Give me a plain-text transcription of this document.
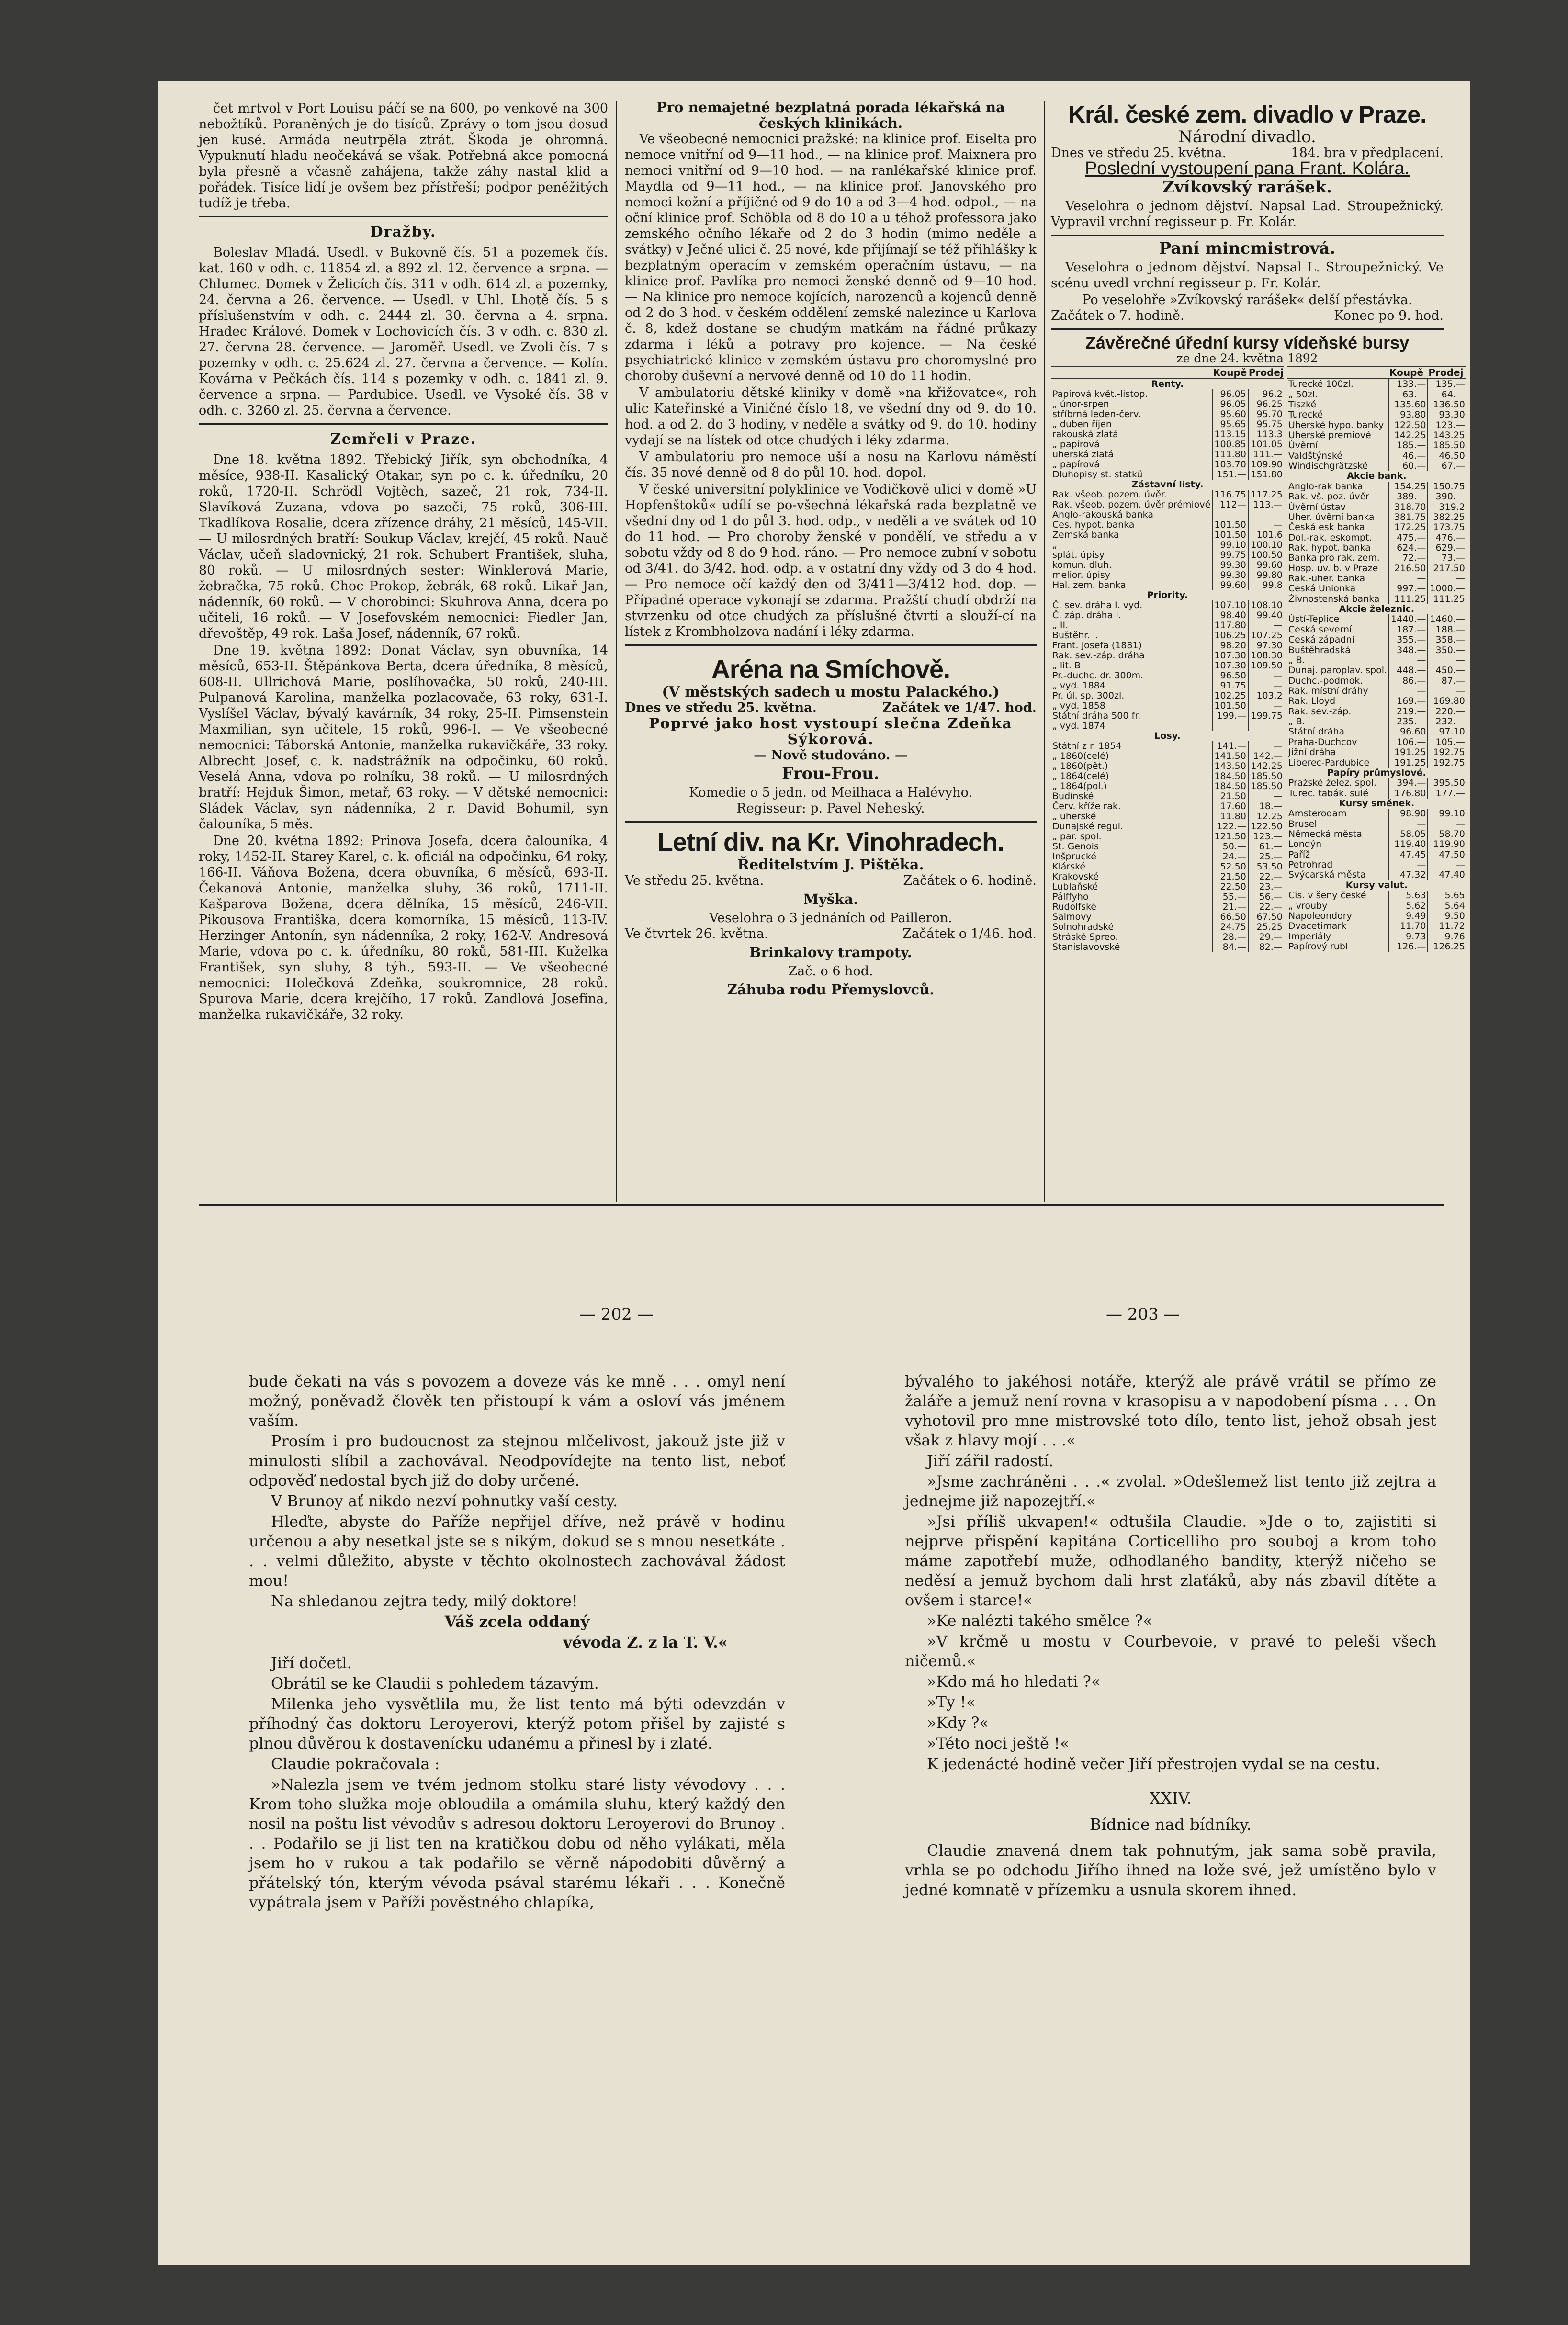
čet mrtvol v Port Louisu páčí se na 600, po venkově na 300 nebožtíků. Poraněných je do tisíců. Zprávy o tom jsou dosud jen kusé. Armáda neutrpěla ztrát. Škoda je ohromná. Vypuknutí hladu neočekává se však. Potřebná akce pomocná byla přesně a včasně zahájena, takže záhy nastal klid a pořádek. Tisíce lidí je ovšem bez přístřeší; podpor peněžitých tudíž je třeba.

Dražby.

Boleslav Mladá. Usedl. v Bukovně čís. 51 a pozemek čís. kat. 160 v odh. c. 11854 zl. a 892 zl. 12. července a srpna. — Chlumec. Domek v Želicích čís. 311 v odh. 614 zl. a pozemky, 24. června a 26. července. — Usedl. v Uhl. Lhotě čís. 5 s příslušenstvím v odh. c. 2444 zl. 30. června a 4. srpna. Hradec Králové. Domek v Lochovicích čís. 3 v odh. c. 830 zl. 27. června 28. července. — Jaroměř. Usedl. ve Zvoli čís. 7 s pozemky v odh. c. 25.624 zl. 27. června a července. — Kolín. Kovárna v Pečkách čís. 114 s pozemky v odh. c. 1841 zl. 9. července a srpna. — Pardubice. Usedl. ve Vysoké čís. 38 v odh. c. 3260 zl. 25. června a července.

Zemřeli v Praze.

Dne 18. května 1892. Třebický Jiřík, syn obchodníka, 4 měsíce, 938-II. Kasalický Otakar, syn po c. k. úředníku, 20 roků, 1720-II. Schrödl Vojtěch, sazeč, 21 rok, 734-II. Slavíková Zuzana, vdova po sazeči, 75 roků, 306-III. Tkadlíkova Rosalie, dcera zřízence dráhy, 21 měsíců, 145-VII. — U milosrdných bratří: Soukup Václav, krejčí, 45 roků. Nauč Václav, učeň sladovnický, 21 rok. Schubert František, sluha, 80 roků. — U milosrdných sester: Winklerová Marie, žebračka, 75 roků. Choc Prokop, žebrák, 68 roků. Likař Jan, nádenník, 60 roků. — V chorobinci: Skuhrova Anna, dcera po učiteli, 16 roků. — V Josefovském nemocnici: Fiedler Jan, dřevoštěp, 49 rok. Laša Josef, nádenník, 67 roků.

Dne 19. května 1892: Donat Václav, syn obuvníka, 14 měsíců, 653-II. Štěpánkova Berta, dcera úředníka, 8 měsíců, 608-II. Ullrichová Marie, poslíhovačka, 50 roků, 240-III. Pulpanová Karolina, manželka pozlacovače, 63 roky, 631-I. Vyslíšel Václav, bývalý kavárník, 34 roky, 25-II. Pimsenstein Maxmilian, syn učitele, 15 roků, 996-I. — Ve všeobecné nemocnici: Táborská Antonie, manželka rukavičkáře, 33 roky. Albrecht Josef, c. k. nadstrážník na odpočinku, 60 roků. Veselá Anna, vdova po rolníku, 38 roků. — U milosrdných bratří: Hejduk Šimon, metař, 63 roky. — V dětské nemocnici: Sládek Václav, syn nádenníka, 2 r. David Bohumil, syn čalouníka, 5 měs.

Dne 20. května 1892: Prinova Josefa, dcera čalouníka, 4 roky, 1452-II. Starey Karel, c. k. oficiál na odpočinku, 64 roky, 166-II. Váňova Božena, dcera obuvníka, 6 měsíců, 693-II. Čekanová Antonie, manželka sluhy, 36 roků, 1711-II. Kašparova Božena, dcera dělníka, 15 měsíců, 246-VII. Pikousova Františka, dcera komorníka, 15 měsíců, 113-IV. Herzinger Antonín, syn nádenníka, 2 roky, 162-V. Andresová Marie, vdova po c. k. úředníku, 80 roků, 581-III. Kuželka František, syn sluhy, 8 týh., 593-II. — Ve všeobecné nemocnici: Holečková Zdeňka, soukromnice, 28 roků. Spurova Marie, dcera krejčího, 17 roků. Zandlová Josefína, manželka rukavičkáře, 32 roky.

Pro nemajetné bezplatná porada lékařská na českých klinikách.

Ve všeobecné nemocnici pražské: na klinice prof. Eiselta pro nemoce vnitřní od 9—11 hod., — na klinice prof. Maixnera pro nemoci vnitřní od 9—10 hod. — na ranlékařské klinice prof. Maydla od 9—11 hod., — na klinice prof. Janovského pro nemoci kožní a příjičné od 9 do 10 a od 3—4 hod. odpol., — na oční klinice prof. Schöbla od 8 do 10 a u téhož professora jako zemského očního lékaře od 2 do 3 hodin (mimo neděle a svátky) v Ječné ulici č. 25 nové, kde přijímají se též přihlášky k bezplatným operacím v zemském operačním ústavu, — na klinice prof. Pavlíka pro nemoci ženské denně od 9—10 hod. — Na klinice pro nemoce kojících, narozenců a kojenců denně od 2 do 3 hod. v českém oddělení zemské nalezince u Karlova č. 8, kdež dostane se chudým matkám na řádné průkazy zdarma i léků a potravy pro kojence. — Na české psychiatrické klinice v zemském ústavu pro choromyslné pro choroby duševní a nervové denně od 10 do 11 hodin.

V ambulatoriu dětské kliniky v domě »na křižovatce«, roh ulic Kateřinské a Viničné číslo 18, ve všední dny od 9. do 10. hod. a od 2. do 3 hodiny, v neděle a svátky od 9. do 10. hodiny vydají se na lístek od otce chudých i léky zdarma.

V ambulatoriu pro nemoce uší a nosu na Karlovu náměstí čís. 35 nové denně od 8 do půl 10. hod. dopol.

V české universitní polyklinice ve Vodičkově ulici v domě »U Hopfenštoků« udílí se po-všechná lékařská rada bezplatně ve všední dny od 1 do půl 3. hod. odp., v neděli a ve svátek od 10 do 11 hod. — Pro choroby ženské v pondělí, ve středu a v sobotu vždy od 8 do 9 hod. ráno. — Pro nemoce zubní v sobotu od 3/41. do 3/42. hod. odp. a v ostatní dny vždy od 3 do 4 hod. — Pro nemoce očí každý den od 3/411—3/412 hod. dop. — Případné operace vykonají se zdarma. Pražští chudí obdrží na stvrzenku od otce chudých za příslušné čtvrti a slouží-cí na lístek z Krombholzova nadání i léky zdarma.

Aréna na Smíchově.
(V městských sadech u mostu Palackého.)
Dnes ve středu 25. května.	Začátek ve 1/47. hod.
Poprvé jako host vystoupí slečna Zdeňka Sýkorová.
— Nově studováno. —
Frou-Frou.
Komedie o 5 jedn. od Meilhaca a Halévyho.
Regisseur: p. Pavel Neheský.
Letní div. na Kr. Vinohradech.
Ředitelstvím J. Pištěka.
Ve středu 25. května.	Začátek o 6. hodině.
Myška.
Veselohra o 3 jednáních od Pailleron.
Ve čtvrtek 26. května.	Začátek o 1/46. hod.
Brinkalovy trampoty.
Zač. o 6 hod.
Záhuba rodu Přemyslovců.
Král. české zem. divadlo v Praze.
Národní divadlo.
Dnes ve středu 25. května.	184. bra v předplacení.
Poslední vystoupení pana Frant. Kolára.
Zvíkovský rarášek.

Veselohra o jednom dějství. Napsal Lad. Stroupežnický. Vypravil vrchní regisseur p. Fr. Kolár.

Paní mincmistrová.

Veselohra o jednom dějství. Napsal L. Stroupežnický. Ve scénu uvedl vrchní regisseur p. Fr. Kolár.

Po veselohře »Zvíkovský rarášek« delší přestávka.
Začátek o 7. hodině.	Konec po 9. hod.
Závěrečné úřední kursy vídeňské bursy
ze dne 24. května 1892
	Koupě	Prodej
Renty.		
Papírová květ.-listop.	96.05	96.2
„ únor-srpen	96.05	96.25
stříbrná leden-červ.	95.60	95.70
„ duben říjen	95.65	95.75
rakouská zlatá	113.15	113.3
„ papírová	100.85	101.05
uherská zlatá	111.80	111.—
„ papírová	103.70	109.90
Dluhopisy st. statků	151.—	151.80
Zástavní listy.		
Rak. všeob. pozem. úvěr.	116.75	117.25
Rak. všeob. pozem. úvěr prémiové	112—	113.—
Anglo-rakouská banka		
Čes. hypot. banka	101.50	—
Zemská banka	101.50	101.6
„	99.10	100.10
splát. úpisy	99.75	100.50
komun. dluh.	99.30	99.60
melior. úpisy	99.30	99.80
Hal. zem. banka	99.60	99.8
Priority.		
Č. sev. dráha I. vyd.	107.10	108.10
Č. záp. dráha I.	98.40	99.40
„ II.	117.80	—
Buštěhr. I.	106.25	107.25
Frant. Josefa (1881)	98.20	97.30
Rak. sev.-záp. dráha	107.30	108.30
„ lit. B	107.30	109.50
Pr.-duchc. dr. 300m.	96.50	—
„ vyd. 1884	91.75	—
Pr. úl. sp. 300zl.	102.25	103.2
„ vyd. 1858	101.50	—
Státní dráha 500 fr.	199.—	199.75
„ vyd. 1874		
Losy.		
Státní z r. 1854	141.—	—
„ 1860(celé)	141.50	142.—
„ 1860(pět.)	143.50	142.25
„ 1864(celé)	184.50	185.50
„ 1864(pol.)	184.50	185.50
Budínské	21.50	—
Červ. kříže rak.	17.60	18.—
„ uherské	11.80	12.25
Dunajské regul.	122.—	122.50
„ par. spol.	121.50	123.—
St. Genois	50.—	61.—
Inšprucké	24.—	25.—
Klárské	52.50	53.50
Krakovské	21.50	22.—
Lublaňské	22.50	23.—
Pálffyho	55.—	56.—
Rudolfské	21.—	22.—
Salmovy	66.50	67.50
Solnohradské	24.75	25.25
Stráské Spreo.	28.—	29.—
Stanislavovské	84.—	82.—
	Koupě	Prodej
Turecké 100zl.	133.—	135.—
„ 50zl.	63.—	64.—
Tiszké	135.60	136.50
Turecké	93.80	93.30
Uherské hypo. banky	122.50	123.—
Uherské premiové	142.25	143.25
Úvěrní	185.—	185.50
Valdštýnské	46.—	46.50
Windischgrätzské	60.—	67.—
Akcie bank.		
Anglo-rak banka	154.25	150.75
Rak. vš. poz. úvěr	389.—	390.—
Úvěrní ústav	318.70	319.2
Uher. úvěrní banka	381.75	382.25
Česká esk banka	172.25	173.75
Dol.-rak. eskompt.	475.—	476.—
Rak. hypot. banka	624.—	629.—
Banka pro rak. zem.	72.—	73.—
Hosp. uv. b. v Praze	216.50	217.50
Rak.-uher. banka	—	—
Česká Unionka	997.—	1000.—
Živnostenská banka	111.25	111.25
Akcie železnic.		
Ústí-Teplice	1440.—	1460.—
Česká severní	187.—	188.—
Česká západní	355.—	358.—
Buštěhradská	348.—	350.—
„ B.	—	—
Dunaj. paroplav. spol.	448.—	450.—
Duchc.-podmok.	86.—	87.—
Rak. místní dráhy	—	—
Rak. Lloyd	169.—	169.80
Rak. sev.-záp.	219.—	220.—
„ B.	235.—	232.—
Státní dráha	96.60	97.10
Praha-Duchcov	106.—	105.—
Jižní dráha	191.25	192.75
Liberec-Pardubice	191.25	192.75
Papíry průmyslové.		
Pražské želez. spol.	394.—	395.50
Turec. tabák. sulé	176.80	177.—
Kursy směnek.		
Amsterodam	98.90	99.10
Brusel	—	—
Německá města	58.05	58.70
Londýn	119.40	119.90
Paříž	47.45	47.50
Petrohrad	—	—
Švýcarská města	47.32	47.40
Kursy valut.		
Cís. v šeny české	5.63	5.65
„ vrouby	5.62	5.64
Napoleondory	9.49	9.50
Dvacetimark	11.70	11.72
Imperiály	9.73	9.76
Papírový rubl	126.—	126.25
— 202 —	— 203 —

bude čekati na vás s povozem a doveze vás ke mně . . . omyl není možný, poněvadž člověk ten přistoupí k vám a osloví vás jménem vaším.

Prosím i pro budoucnost za stejnou mlčelivost, jakouž jste již v minulosti slíbil a zachovával. Neodpovídejte na tento list, neboť odpověď nedostal bych již do doby určené.

V Brunoy ať nikdo nezví pohnutky vaší cesty.

Hleďte, abyste do Paříže nepřijel dříve, než právě v hodinu určenou a aby nesetkal jste se s nikým, dokud se s mnou nesetkáte . . . velmi důležito, abyste v těchto okolnostech zachovával žádost mou!

Na shledanou zejtra tedy, milý doktore!

Váš zcela oddaný

vévoda Z. z la T. V.«

Jiří dočetl.

Obrátil se ke Claudii s pohledem tázavým.

Milenka jeho vysvětlila mu, že list tento má býti odevzdán v příhodný čas doktoru Leroyerovi, kterýž potom přišel by zajisté s plnou důvěrou k dostavenícku udanému a přinesl by i zlaté.

Claudie pokračovala :

»Nalezla jsem ve tvém jednom stolku staré listy vévodovy . . . Krom toho služka moje obloudila a omámila sluhu, který každý den nosil na poštu list vévodův s adresou doktoru Leroyerovi do Brunoy . . . Podařilo se ji list ten na kratičkou dobu od něho vylákati, měla jsem ho v rukou a tak podařilo se věrně nápodobiti důvěrný a přátelský tón, kterým vévoda psával starému lékaři . . . Konečně vypátrala jsem v Paříži pověstného chlapíka,

bývalého to jakéhosi notáře, kterýž ale právě vrátil se přímo ze žaláře a jemuž není rovna v krasopisu a v napodobení písma . . . On vyhotovil pro mne mistrovské toto dílo, tento list, jehož obsah jest však z hlavy mojí . . .«

Jiří zářil radostí.

»Jsme zachráněni . . .« zvolal. »Odešlemež list tento již zejtra a jednejme již napozejtří.«

»Jsi příliš ukvapen!« odtušila Claudie. »Jde o to, zajistiti si nejprve přispění kapitána Corticelliho pro souboj a krom toho máme zapotřebí muže, odhodlaného bandity, kterýž ničeho se neděsí a jemuž bychom dali hrst zlaťáků, aby nás zbavil dítěte a ovšem i starce!«

»Ke nalézti takého smělce ?«

»V krčmě u mostu v Courbevoie, v pravé to peleši všech ničemů.«

»Kdo má ho hledati ?«

»Ty !«

»Kdy ?«

»Této noci ještě !«

K jedenácté hodině večer Jiří přestrojen vydal se na cestu.

XXIV.
Bídnice nad bídníky.

Claudie znavená dnem tak pohnutým, jak sama sobě pravila, vrhla se po odchodu Jiřího ihned na lože své, jež umístěno bylo v jedné komnatě v přízemku a usnula skorem ihned.
